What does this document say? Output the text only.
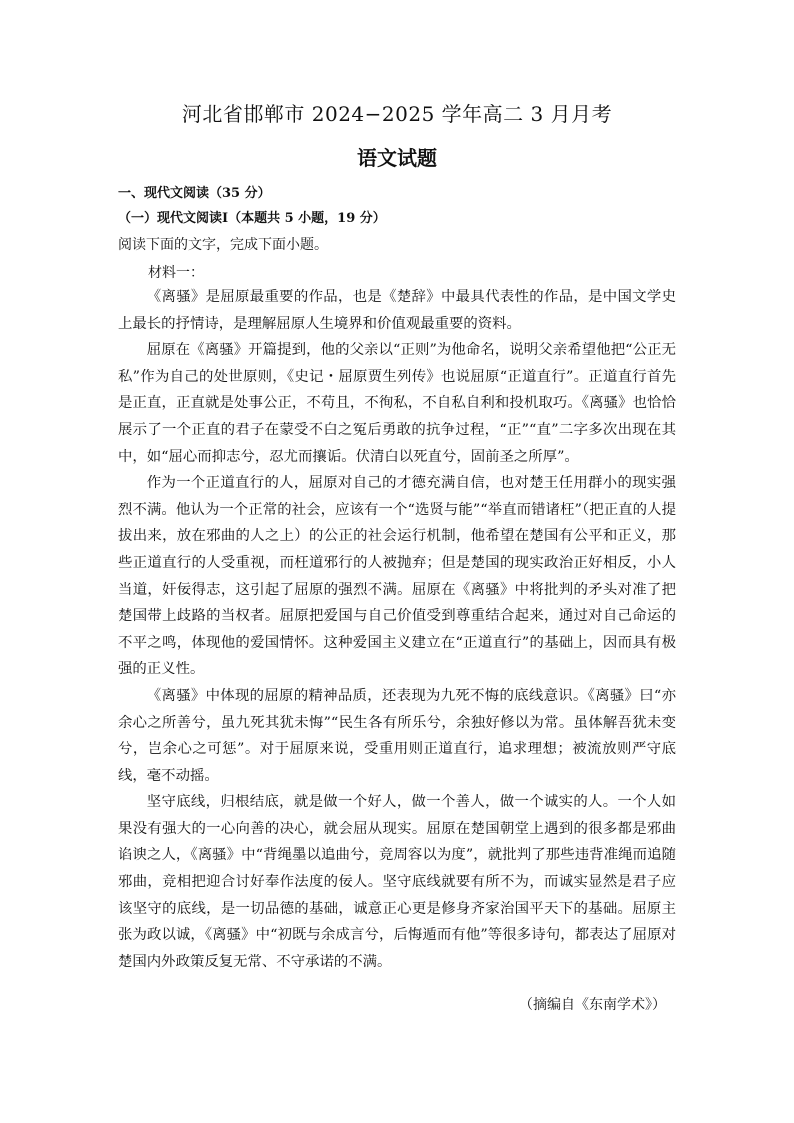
河北省邯郸市 2024−2025 学年高二 3 月月考
语文试题
一、现代文阅读（35 分）
（一）现代文阅读Ⅰ（本题共 5 小题，19 分）
阅读下面的文字，完成下面小题。
材料一：

《离骚》是屈原最重要的作品，也是《楚辞》中最具代表性的作品，是中国文学史上最长的抒情诗，是理解屈原人生境界和价值观最重要的资料。

屈原在《离骚》开篇提到，他的父亲以“正则”为他命名，说明父亲希望他把“公正无私”作为自己的处世原则，《史记・屈原贾生列传》也说屈原“正道直行”。正道直行首先是正直，正直就是处事公正，不苟且，不徇私，不自私自利和投机取巧。《离骚》也恰恰展示了一个正直的君子在蒙受不白之冤后勇敢的抗争过程，“正”“直”二字多次出现在其中，如“屈心而抑志兮，忍尤而攘诟。伏清白以死直兮，固前圣之所厚”。

作为一个正道直行的人，屈原对自己的才德充满自信，也对楚王任用群小的现实强烈不满。他认为一个正常的社会，应该有一个“选贤与能”“举直而错诸枉”（把正直的人提拔出来，放在邪曲的人之上）的公正的社会运行机制，他希望在楚国有公平和正义，那些正道直行的人受重视，而枉道邪行的人被抛弃；但是楚国的现实政治正好相反，小人当道，奸佞得志，这引起了屈原的强烈不满。屈原在《离骚》中将批判的矛头对准了把楚国带上歧路的当权者。屈原把爱国与自己价值受到尊重结合起来，通过对自己命运的不平之鸣，体现他的爱国情怀。这种爱国主义建立在“正道直行”的基础上，因而具有极强的正义性。

《离骚》中体现的屈原的精神品质，还表现为九死不悔的底线意识。《离骚》曰“亦余心之所善兮，虽九死其犹未悔”“民生各有所乐兮，余独好修以为常。虽体解吾犹未变兮，岂余心之可惩”。对于屈原来说，受重用则正道直行，追求理想；被流放则严守底线，毫不动摇。

坚守底线，归根结底，就是做一个好人，做一个善人，做一个诚实的人。一个人如果没有强大的一心向善的决心，就会屈从现实。屈原在楚国朝堂上遇到的很多都是邪曲谄谀之人，《离骚》中“背绳墨以追曲兮，竞周容以为度”，就批判了那些违背准绳而追随邪曲，竞相把迎合讨好奉作法度的佞人。坚守底线就要有所不为，而诚实显然是君子应该坚守的底线，是一切品德的基础，诚意正心更是修身齐家治国平天下的基础。屈原主张为政以诚，《离骚》中“初既与余成言兮，后悔遁而有他”等很多诗句，都表达了屈原对楚国内外政策反复无常、不守承诺的不满。

（摘编自《东南学术》）
